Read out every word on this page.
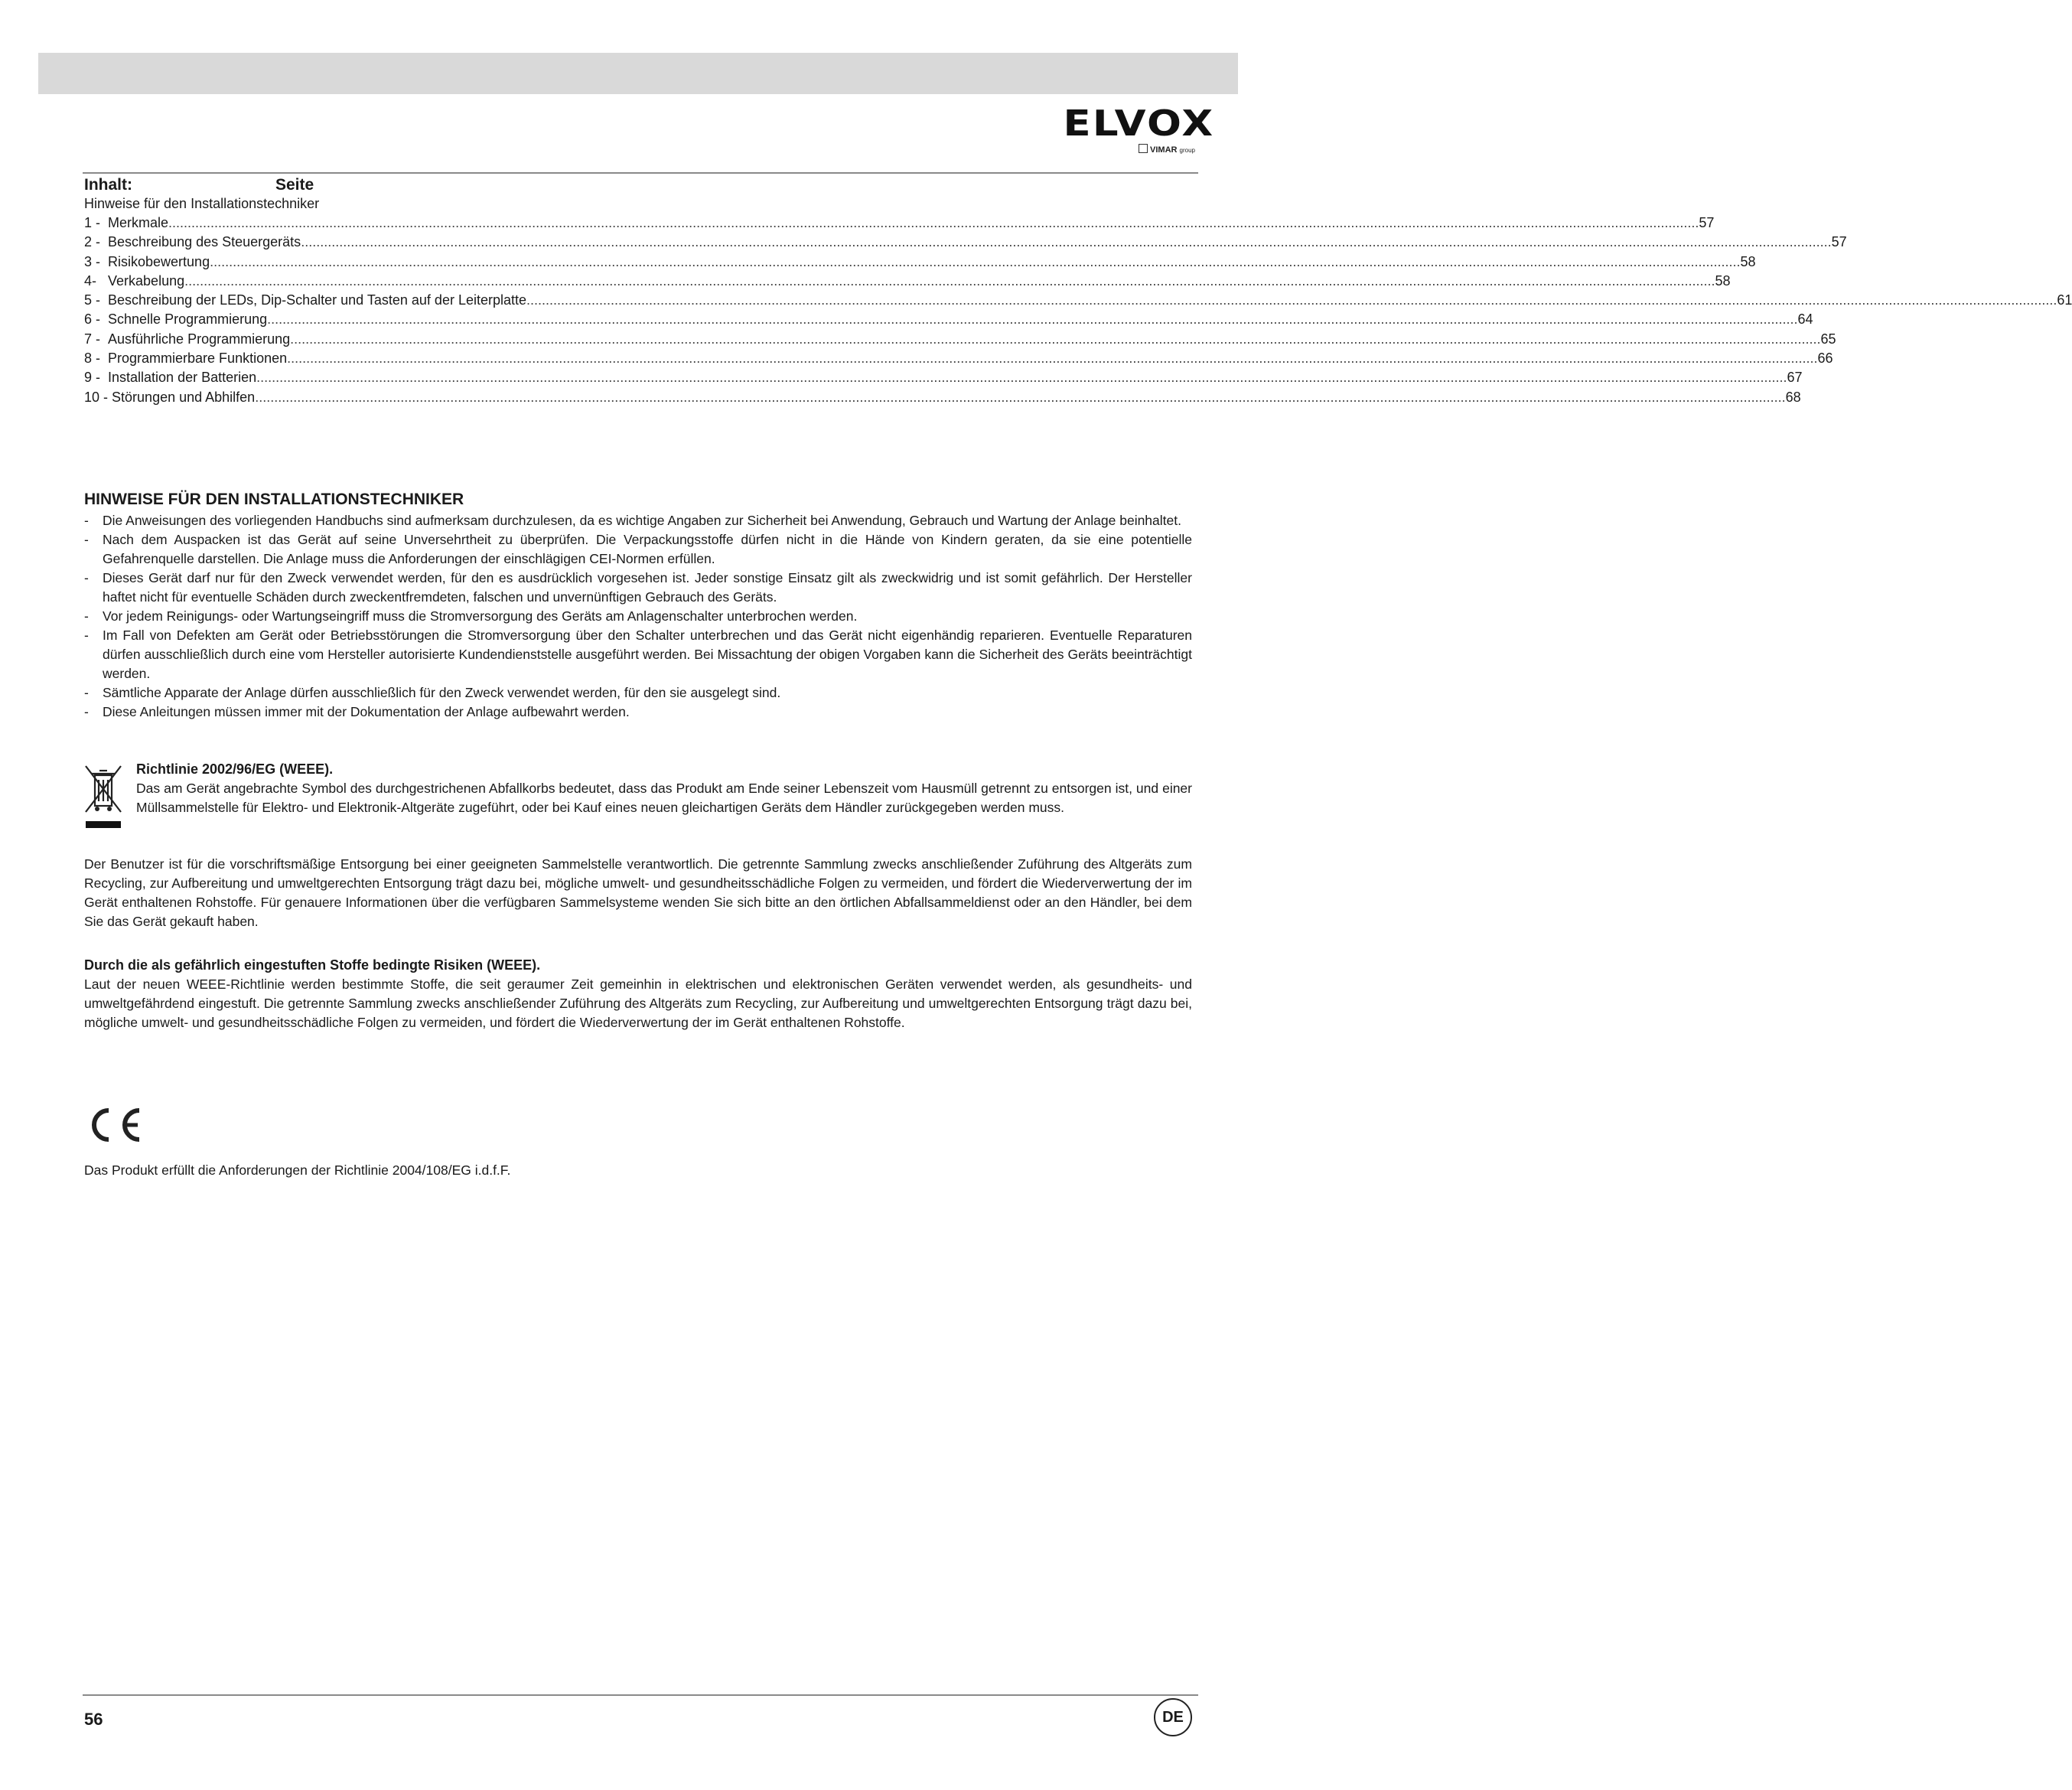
ELVOX
VIMAR group
Inhalt:	Seite
Hinweise für den Installationstechniker
1 - Merkmale ................................................................................................................................................................................................................................................................................................................................................................................................................ 57
2 - Beschreibung des Steuergeräts ................................................................................................................................................................................................................................................................................................................................................................................................................ 57
3 - Risikobewertung ................................................................................................................................................................................................................................................................................................................................................................................................................ 58
4- Verkabelung ................................................................................................................................................................................................................................................................................................................................................................................................................ 58
5 - Beschreibung der LEDs, Dip-Schalter und Tasten auf der Leiterplatte ................................................................................................................................................................................................................................................................................................................................................................................................................ 61
6 - Schnelle Programmierung ................................................................................................................................................................................................................................................................................................................................................................................................................ 64
7 - Ausführliche Programmierung ................................................................................................................................................................................................................................................................................................................................................................................................................ 65
8 - Programmierbare Funktionen ................................................................................................................................................................................................................................................................................................................................................................................................................ 66
9 - Installation der Batterien ................................................................................................................................................................................................................................................................................................................................................................................................................ 67
10 - Störungen und Abhilfen ................................................................................................................................................................................................................................................................................................................................................................................................................ 68
HINWEISE FÜR DEN INSTALLATIONSTECHNIKER
- Die Anweisungen des vorliegenden Handbuchs sind aufmerksam durchzulesen, da es wichtige Angaben zur Sicherheit bei Anwendung, Gebrauch und Wartung der Anlage beinhaltet.
- Nach dem Auspacken ist das Gerät auf seine Unversehrtheit zu überprüfen. Die Verpackungsstoffe dürfen nicht in die Hände von Kindern geraten, da sie eine potentielle Gefahrenquelle darstellen. Die Anlage muss die Anforderungen der einschlägigen CEI-Normen erfüllen.
- Dieses Gerät darf nur für den Zweck verwendet werden, für den es ausdrücklich vorgesehen ist. Jeder sonstige Einsatz gilt als zweckwidrig und ist somit gefährlich. Der Hersteller haftet nicht für eventuelle Schäden durch zweckentfremdeten, falschen und unvernünftigen Gebrauch des Geräts.
- Vor jedem Reinigungs- oder Wartungseingriff muss die Stromversorgung des Geräts am Anlagenschalter unterbrochen werden.
- Im Fall von Defekten am Gerät oder Betriebsstörungen die Stromversorgung über den Schalter unterbrechen und das Gerät nicht eigenhändig reparieren. Eventuelle Reparaturen dürfen ausschließlich durch eine vom Hersteller autorisierte Kundendienststelle ausgeführt werden. Bei Missachtung der obigen Vorgaben kann die Sicherheit des Geräts beeinträchtigt werden.
- Sämtliche Apparate der Anlage dürfen ausschließlich für den Zweck verwendet werden, für den sie ausgelegt sind.
- Diese Anleitungen müssen immer mit der Dokumentation der Anlage aufbewahrt werden.
Richtlinie 2002/96/EG (WEEE).
Das am Gerät angebrachte Symbol des durchgestrichenen Abfallkorbs bedeutet, dass das Produkt am Ende seiner Lebenszeit vom Hausmüll getrennt zu entsorgen ist, und einer Müllsammelstelle für Elektro- und Elektronik-Altgeräte zugeführt, oder bei Kauf eines neuen gleichartigen Geräts dem Händler zurückgegeben werden muss.
Der Benutzer ist für die vorschriftsmäßige Entsorgung bei einer geeigneten Sammelstelle verantwortlich. Die getrennte Sammlung zwecks anschließender Zuführung des Altgeräts zum Recycling, zur Aufbereitung und umweltgerechten Entsorgung trägt dazu bei, mögliche umwelt- und gesundheitsschädliche Folgen zu vermeiden, und fördert die Wiederverwertung der im Gerät enthaltenen Rohstoffe. Für genauere Informationen über die verfügbaren Sammelsysteme wenden Sie sich bitte an den örtlichen Abfallsammeldienst oder an den Händler, bei dem Sie das Gerät gekauft haben.
Durch die als gefährlich eingestuften Stoffe bedingte Risiken (WEEE).
Laut der neuen WEEE-Richtlinie werden bestimmte Stoffe, die seit geraumer Zeit gemeinhin in elektrischen und elektronischen Geräten verwendet werden, als gesundheits- und umweltgefährdend eingestuft. Die getrennte Sammlung zwecks anschließender Zuführung des Altgeräts zum Recycling, zur Aufbereitung und umweltgerechten Entsorgung trägt dazu bei, mögliche umwelt- und gesundheitsschädliche Folgen zu vermeiden, und fördert die Wiederverwertung der im Gerät enthaltenen Rohstoffe.
Das Produkt erfüllt die Anforderungen der Richtlinie 2004/108/EG i.d.f.F.
56	DE
